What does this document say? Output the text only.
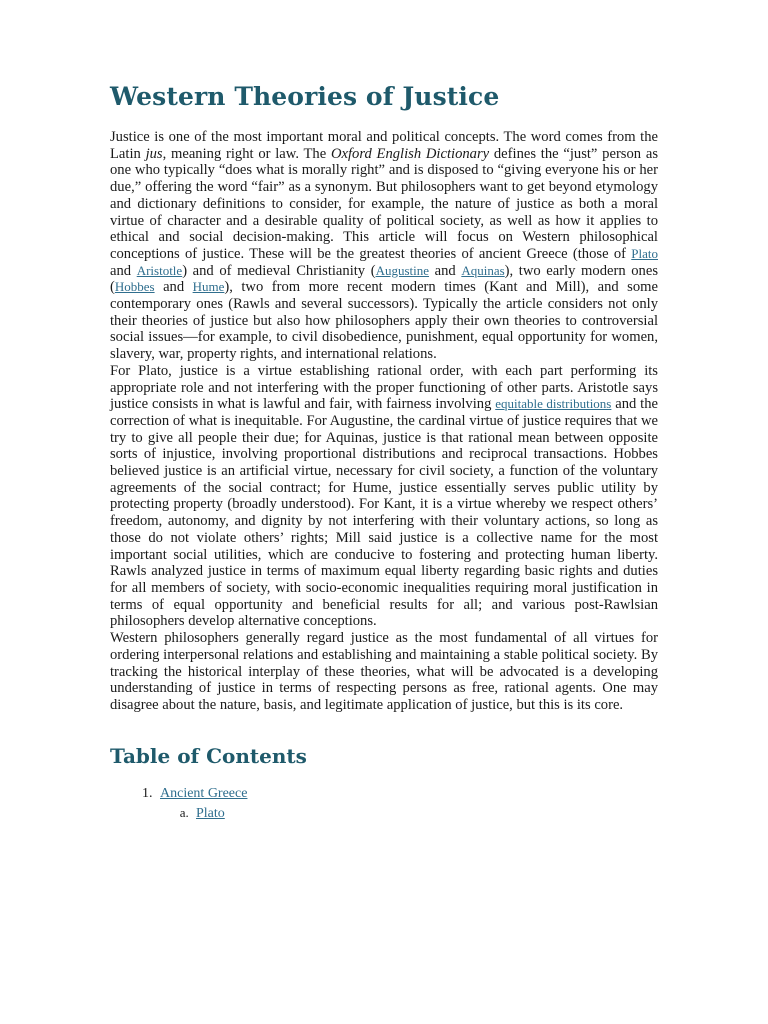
Western Theories of Justice

Justice is one of the most important moral and political concepts. The word comes from the Latin jus, meaning right or law. The Oxford English Dictionary defines the “just” person as one who typically “does what is morally right” and is disposed to “giving everyone his or her due,” offering the word “fair” as a synonym. But philosophers want to get beyond etymology and dictionary definitions to consider, for example, the nature of justice as both a moral virtue of character and a desirable quality of political society, as well as how it applies to ethical and social decision-making. This article will focus on Western philosophical conceptions of justice. These will be the greatest theories of ancient Greece (those of Plato and Aristotle) and of medieval Christianity (Augustine and Aquinas), two early modern ones (Hobbes and Hume), two from more recent modern times (Kant and Mill), and some contemporary ones (Rawls and several successors). Typically the article considers not only their theories of justice but also how philosophers apply their own theories to controversial social issues—for example, to civil disobedience, punishment, equal opportunity for women, slavery, war, property rights, and international relations.

For Plato, justice is a virtue establishing rational order, with each part performing its appropriate role and not interfering with the proper functioning of other parts. Aristotle says justice consists in what is lawful and fair, with fairness involving equitable distributions and the correction of what is inequitable. For Augustine, the cardinal virtue of justice requires that we try to give all people their due; for Aquinas, justice is that rational mean between opposite sorts of injustice, involving proportional distributions and reciprocal transactions. Hobbes believed justice is an artificial virtue, necessary for civil society, a function of the voluntary agreements of the social contract; for Hume, justice essentially serves public utility by protecting property (broadly understood). For Kant, it is a virtue whereby we respect others’ freedom, autonomy, and dignity by not interfering with their voluntary actions, so long as those do not violate others’ rights; Mill said justice is a collective name for the most important social utilities, which are conducive to fostering and protecting human liberty. Rawls analyzed justice in terms of maximum equal liberty regarding basic rights and duties for all members of society, with socio-economic inequalities requiring moral justification in terms of equal opportunity and beneficial results for all; and various post-Rawlsian philosophers develop alternative conceptions.

Western philosophers generally regard justice as the most fundamental of all virtues for ordering interpersonal relations and establishing and maintaining a stable political society. By tracking the historical interplay of these theories, what will be advocated is a developing understanding of justice in terms of respecting persons as free, rational agents. One may disagree about the nature, basis, and legitimate application of justice, but this is its core.

Table of Contents
1. Ancient Greece
a. Plato
